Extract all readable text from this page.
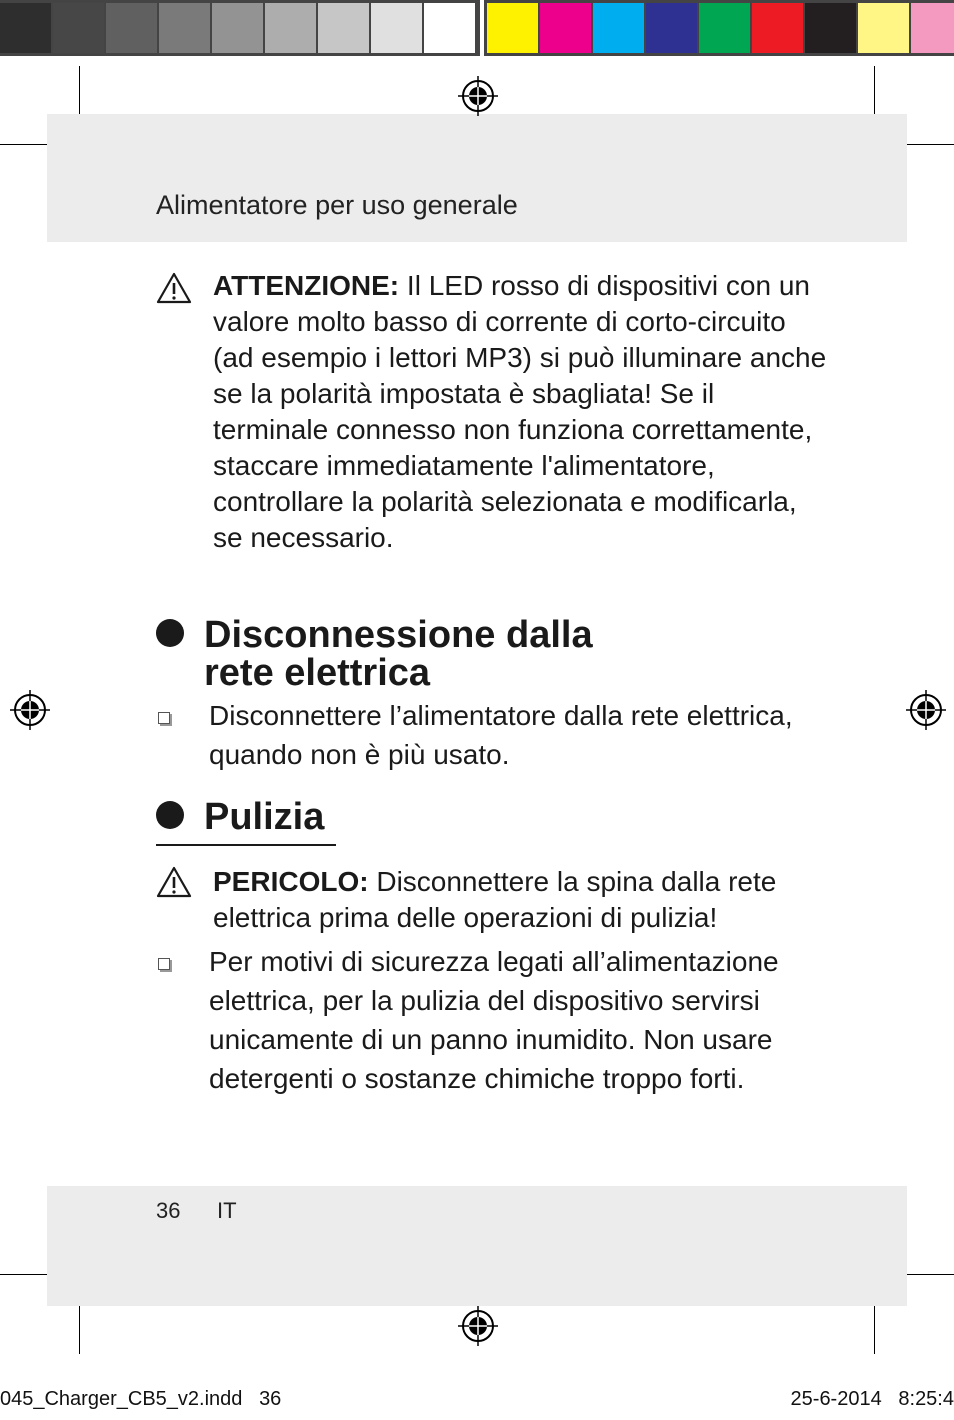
Alimentatore per uso generale
ATTENZIONE: Il LED rosso di dispositivi con un valore molto basso di corrente di corto-circuito (ad esempio i lettori MP3) si può illuminare anche se la polarità impostata è sbagliata! Se il terminale connesso non funziona correttamente, staccare immediatamente l'alimentatore, controllare la polarità selezionata e modificarla, se necessario.
Disconnessione dalla
rete elettrica
Disconnettere l’alimentatore dalla rete elettrica, quando non è più usato.
Pulizia
PERICOLO: Disconnettere la spina dalla rete elettrica prima delle operazioni di pulizia!
Per motivi di sicurezza legati all’alimentazione elettrica, per la pulizia del dispositivo servirsi unicamente di un panno inumidito. Non usare detergenti o sostanze chimiche troppo forti.
36 IT
045_Charger_CB5_v2.indd   36	25-6-2014   8:25:4
